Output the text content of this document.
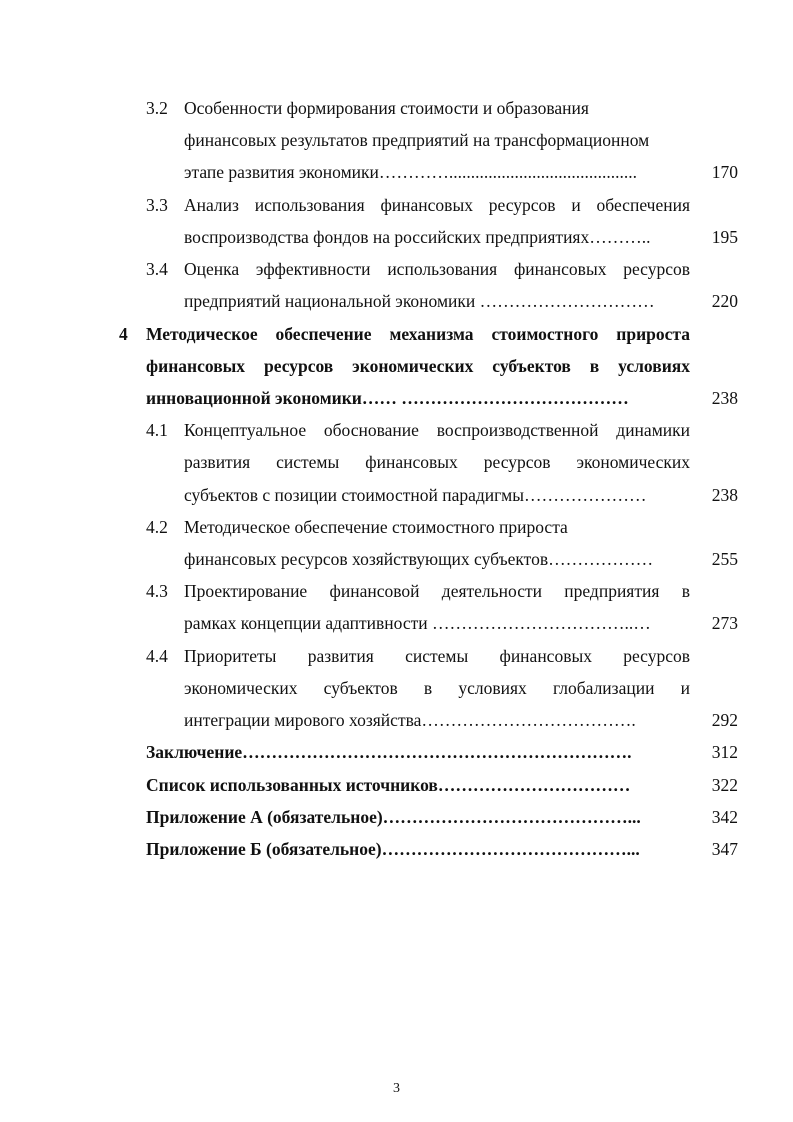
3.2 Особенности формирования стоимости и образования
финансовых результатов предприятий на трансформационном
этапе развития экономики…………...........................................	170
3.3 Анализ использования финансовых ресурсов и обеспечения
воспроизводства фондов на российских предприятиях………..	195
3.4 Оценка эффективности использования финансовых ресурсов
предприятий национальной экономики …………………………	220
4 Методическое обеспечение механизма стоимостного прироста
финансовых ресурсов экономических субъектов в условиях
инновационной экономики…… …………………………………	238
4.1 Концептуальное обоснование воспроизводственной динамики
развития системы финансовых ресурсов экономических
субъектов с позиции стоимостной парадигмы…………………	238
4.2 Методическое обеспечение стоимостного прироста
финансовых ресурсов хозяйствующих субъектов………………	255
4.3 Проектирование финансовой деятельности предприятия в
рамках концепции адаптивности ……………………………..…	273
4.4 Приоритеты развития системы финансовых ресурсов
экономических субъектов в условиях глобализации и
интеграции мирового хозяйства……………………………….	292
Заключение………………………………………………………….	312
Список использованных источников……………………………	322
Приложение А (обязательное)……………………………………...	342
Приложение Б (обязательное)……………………………………...	347
3
